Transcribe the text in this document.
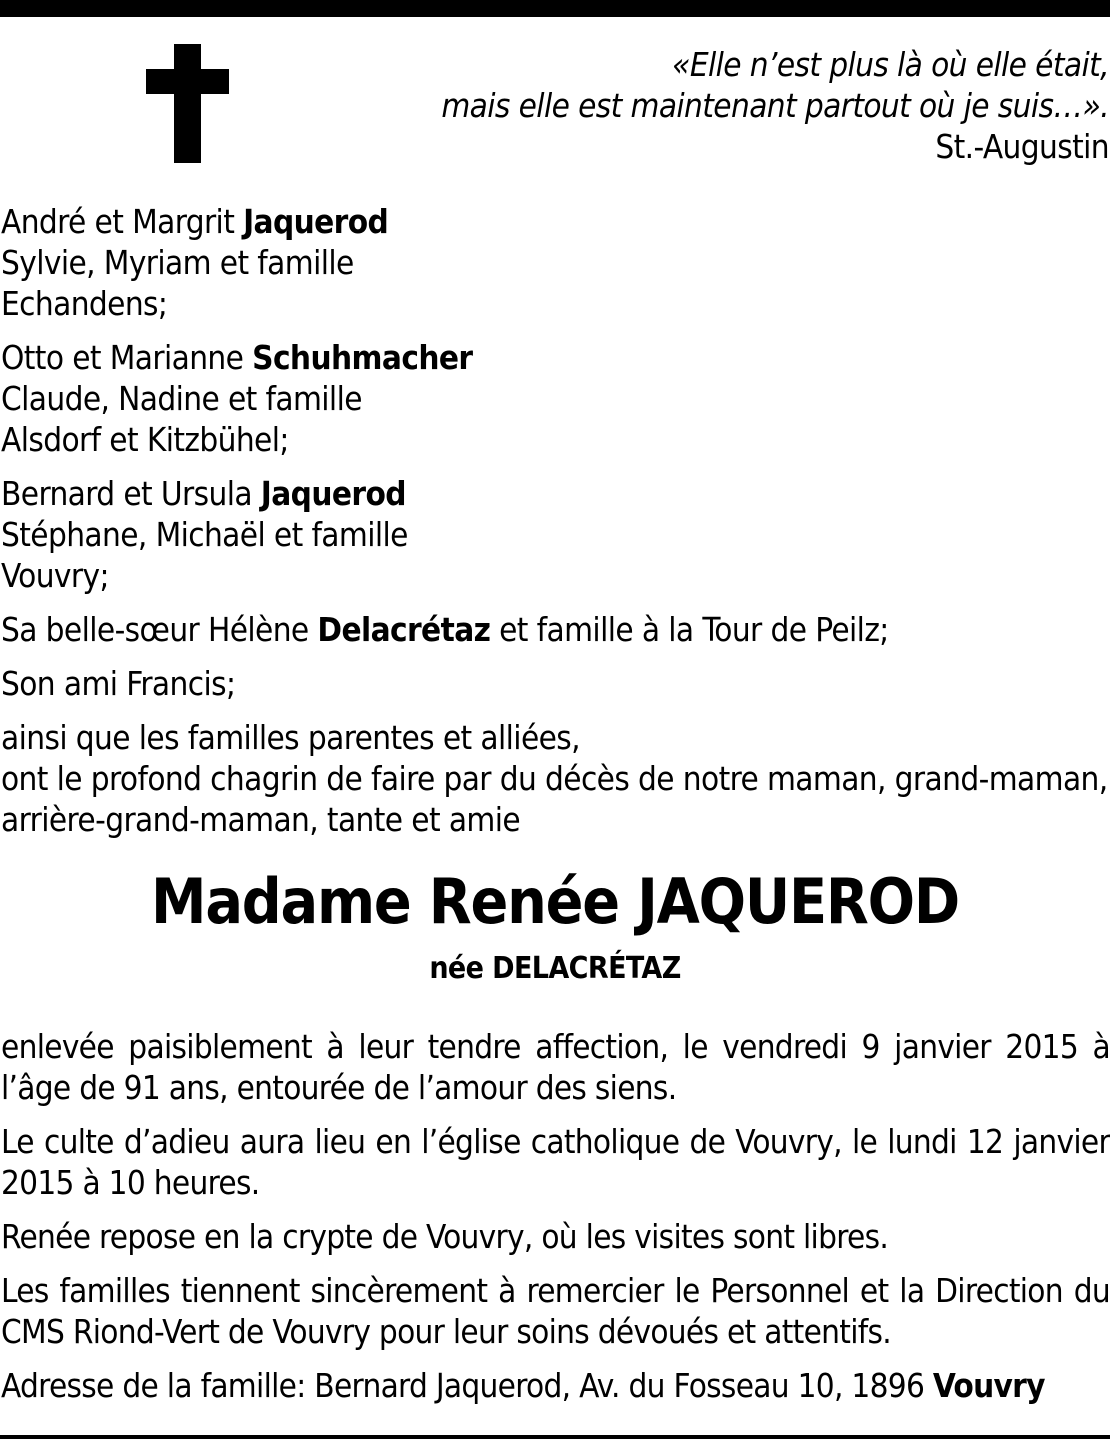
«Elle n’est plus là où elle était,
mais elle est maintenant partout où je suis…».
St.-Augustin
André et Margrit Jaquerod
Sylvie, Myriam et famille
Echandens;
Otto et Marianne Schuhmacher
Claude, Nadine et famille
Alsdorf et Kitzbühel;
Bernard et Ursula Jaquerod
Stéphane, Michaël et famille
Vouvry;
Sa belle-sœur Hélène Delacrétaz et famille à la Tour de Peilz;
Son ami Francis;
ainsi que les familles parentes et alliées,
ont le profond chagrin de faire par du décès de notre maman, grand-maman,
arrière-grand-maman, tante et amie
Madame Renée JAQUEROD
née DELACRÉTAZ
enlevée paisiblement à leur tendre affection, le vendredi 9 janvier 2015 à l’âge de 91 ans, entourée de l’amour des siens.
Le culte d’adieu aura lieu en l’église catholique de Vouvry, le lundi 12 janvier 2015 à 10 heures.
Renée repose en la crypte de Vouvry, où les visites sont libres.
Les familles tiennent sincèrement à remercier le Personnel et la Direction du CMS Riond-Vert de Vouvry pour leur soins dévoués et attentifs.
Adresse de la famille: Bernard Jaquerod, Av. du Fosseau 10, 1896 Vouvry
